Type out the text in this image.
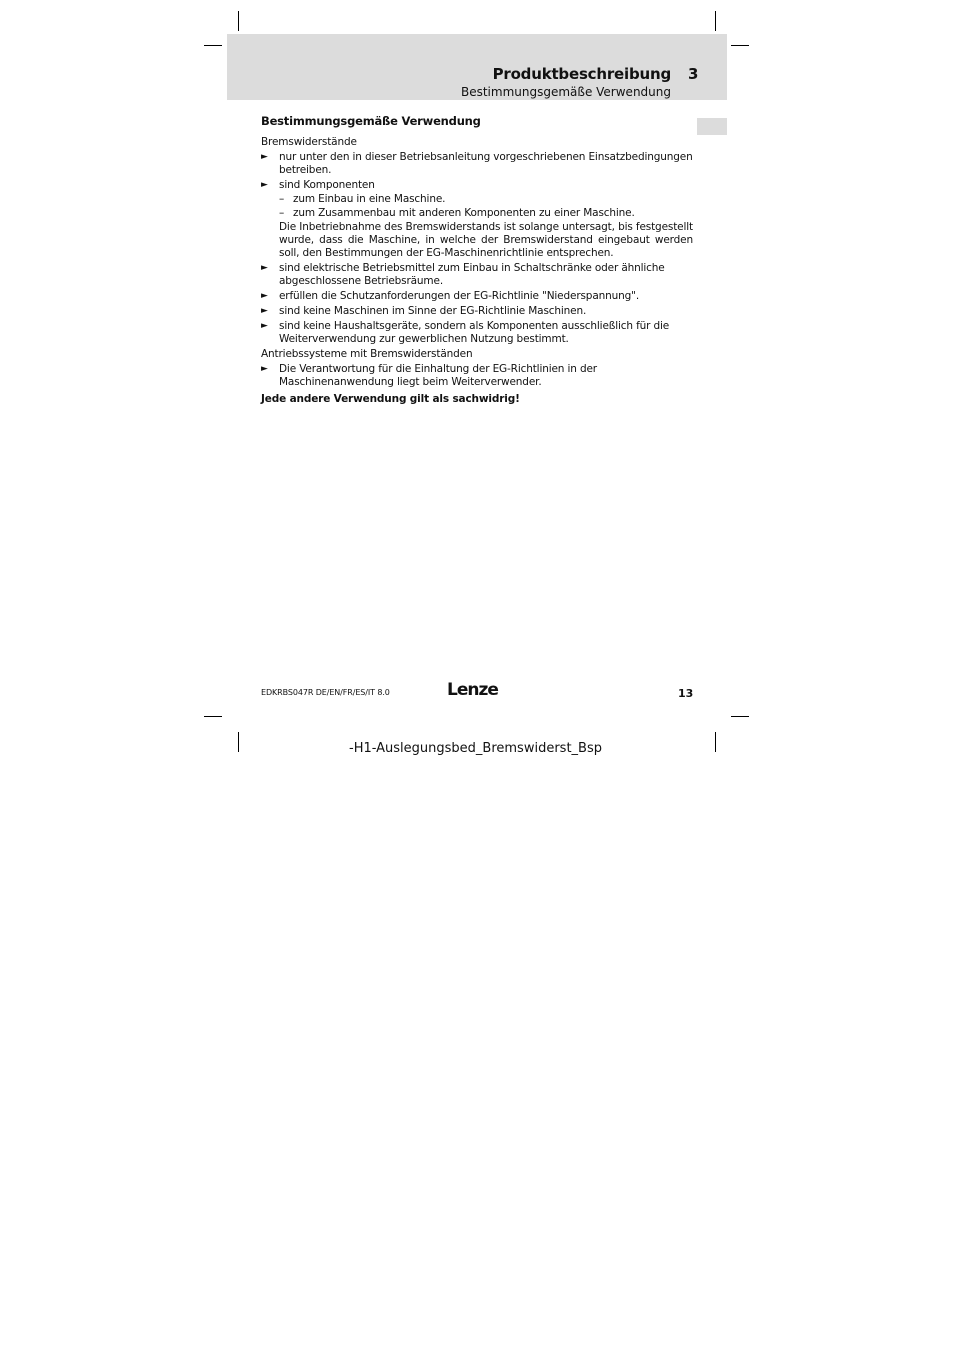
Produktbeschreibung 3
Bestimmungsgemäße Verwendung
Bestimmungsgemäße Verwendung
Bremswiderstände
► nur unter den in dieser Betriebsanleitung vorgeschriebenen Einsatzbedingungen betreiben.
► sind Komponenten
– zum Einbau in eine Maschine.
– zum Zusammenbau mit anderen Komponenten zu einer Maschine.
Die Inbetriebnahme des Bremswiderstands ist solange untersagt, bis festgestellt wurde, dass die Maschine, in welche der Bremswiderstand eingebaut werden soll, den Bestimmungen der EG-Maschinenrichtlinie entsprechen.
► sind elektrische Betriebsmittel zum Einbau in Schaltschränke oder ähnliche abgeschlossene Betriebsräume.
► erfüllen die Schutzanforderungen der EG-Richtlinie "Niederspannung".
► sind keine Maschinen im Sinne der EG-Richtlinie Maschinen.
► sind keine Haushaltsgeräte, sondern als Komponenten ausschließlich für die Weiterverwendung zur gewerblichen Nutzung bestimmt.
Antriebssysteme mit Bremswiderständen
► Die Verantwortung für die Einhaltung der EG-Richtlinien in der Maschinenanwendung liegt beim Weiterverwender.
Jede andere Verwendung gilt als sachwidrig!
EDKRBS047R DE/EN/FR/ES/IT 8.0	Lenze	13
-H1-Auslegungsbed_Bremswiderst_Bsp
